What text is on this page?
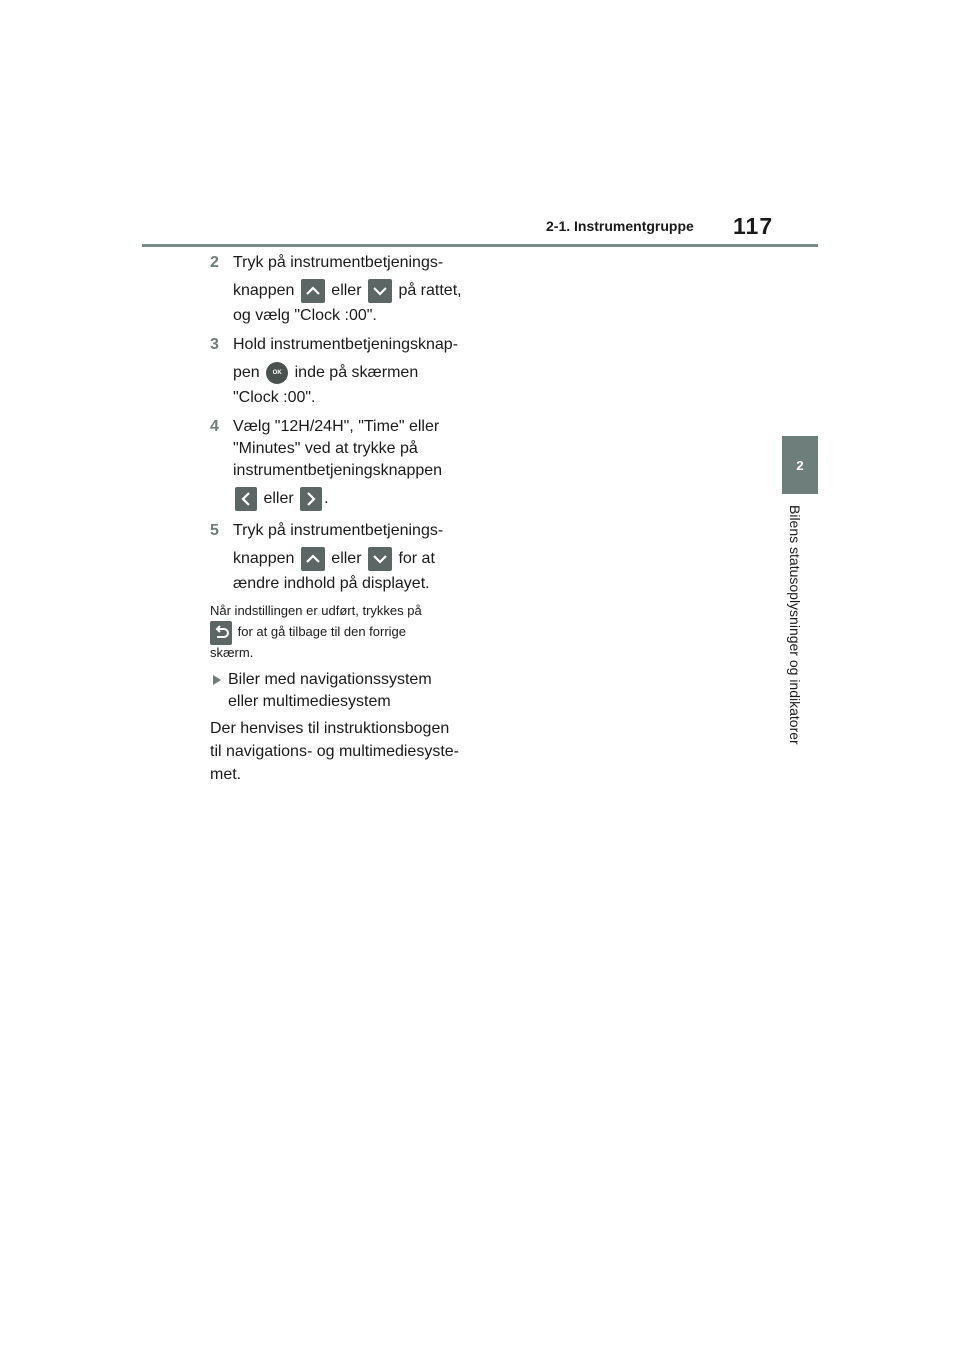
2-1. Instrumentgruppe 117
2
Bilens statusoplysninger og indikatorer
2 Tryk på instrumentbetjenings-
knappen eller på rattet,
og vælg "Clock :00".
3 Hold instrumentbetjeningsknap-
pen	OK inde på skærmen
"Clock :00".
4 Vælg "12H/24H", "Time" eller
"Minutes" ved at trykke på
instrumentbetjeningsknappen
eller .
5 Tryk på instrumentbetjenings-
knappen eller for at
ændre indhold på displayet.
Når indstillingen er udført, trykkes på
for at gå tilbage til den forrige
skærm.
Biler med navigationssystem
eller multimediesystem
Der henvises til instruktionsbogen
til navigations- og multimediesyste-
met.
